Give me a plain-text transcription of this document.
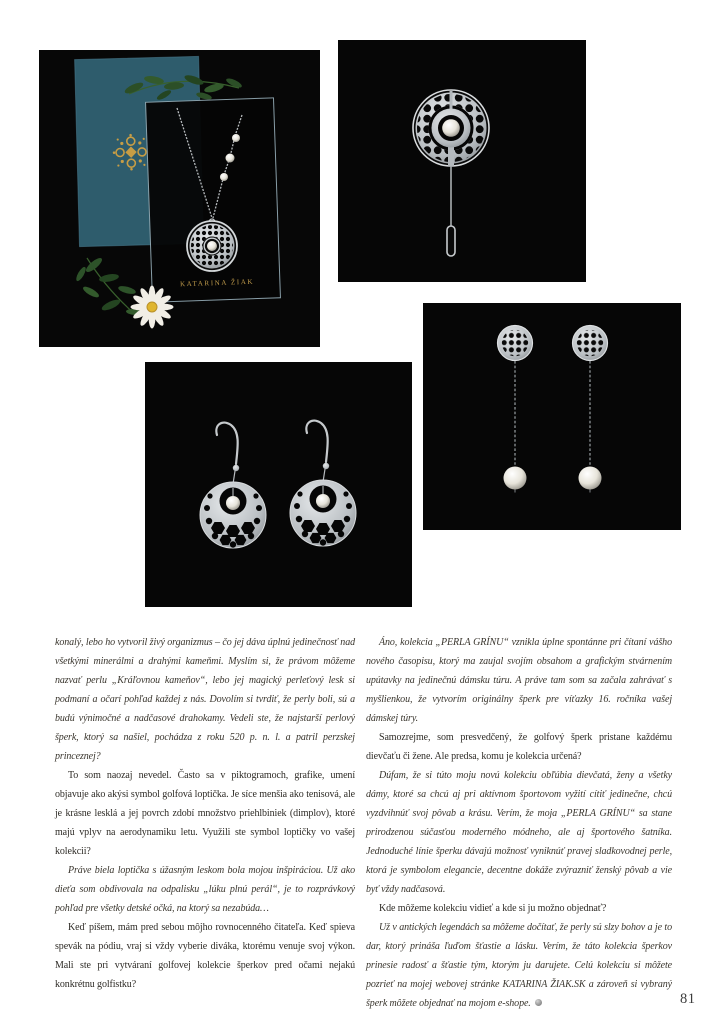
KATARINA ŽIAK

konalý, lebo ho vytvoril živý organizmus – čo jej dáva úplnú jedinečnosť nad všetkými minerálmi a drahými kameňmi. Myslím si, že právom môžeme nazvať perlu „Kráľovnou kameňov“, lebo jej magický perleťový lesk si podmaní a očarí pohľad každej z nás. Dovolím si tvrdiť, že perly boli, sú a budú výnimočné a nadčasové drahokamy. Vedeli ste, že najstarší perlový šperk, ktorý sa našiel, pochádza z roku 520 p. n. l. a patril perzskej princeznej?

To som naozaj nevedel. Často sa v piktogramoch, grafike, umení objavuje ako akýsi symbol golfová loptička. Je síce menšia ako tenisová, ale je krásne lesklá a jej povrch zdobí množstvo priehlbiniek (dimplov), ktoré majú vplyv na aerodynamiku letu. Využili ste symbol loptičky vo vašej kolekcii?

Práve biela loptička s úžasným leskom bola mojou inšpiráciou. Už ako dieťa som obdivovala na odpalisku „lúku plnú perál“, je to rozprávkový pohľad pre všetky detské očká, na ktorý sa nezabúda…

Keď píšem, mám pred sebou môjho rovnocenného čitateľa. Keď spieva spevák na pódiu, vraj si vždy vyberie diváka, ktorému venuje svoj výkon. Mali ste pri vytváraní golfovej kolekcie šperkov pred očami nejakú konkrétnu golfistku?

Áno, kolekcia „PERLA GRÍNU“ vznikla úplne spontánne pri čítaní vášho nového časopisu, ktorý ma zaujal svojím obsahom a grafickým stvárnením upútavky na jedinečnú dámsku túru. A práve tam som sa začala zahrávať s myšlienkou, že vytvorím originálny šperk pre víťazky 16. ročníka vašej dámskej túry.

Samozrejme, som presvedčený, že golfový šperk pristane každému dievčaťu či žene. Ale predsa, komu je kolekcia určená?

Dúfam, že si túto moju novú kolekciu obľúbia dievčatá, ženy a všetky dámy, ktoré sa chcú aj pri aktívnom športovom vyžití cítiť jedinečne, chcú vyzdvihnúť svoj pôvab a krásu. Verím, že moja „PERLA GRÍNU“ sa stane prirodzenou súčasťou moderného módneho, ale aj športového šatníka. Jednoduché línie šperku dávajú možnosť vyniknúť pravej sladkovodnej perle, ktorá je symbolom elegancie, decentne dokáže zvýrazniť ženský pôvab a vie byť vždy nadčasová.

Kde môžeme kolekciu vidieť a kde si ju možno objednať?

Už v antických legendách sa môžeme dočítať, že perly sú slzy bohov a je to dar, ktorý prináša ľuďom šťastie a lásku. Verím, že táto kolekcia šperkov prinesie radosť a šťastie tým, ktorým ju darujete. Celú kolekciu si môžete pozrieť na mojej webovej stránke KATARINA ŽIAK.SK a zároveň si vybraný šperk môžete objednať na mojom e-shope.	81
